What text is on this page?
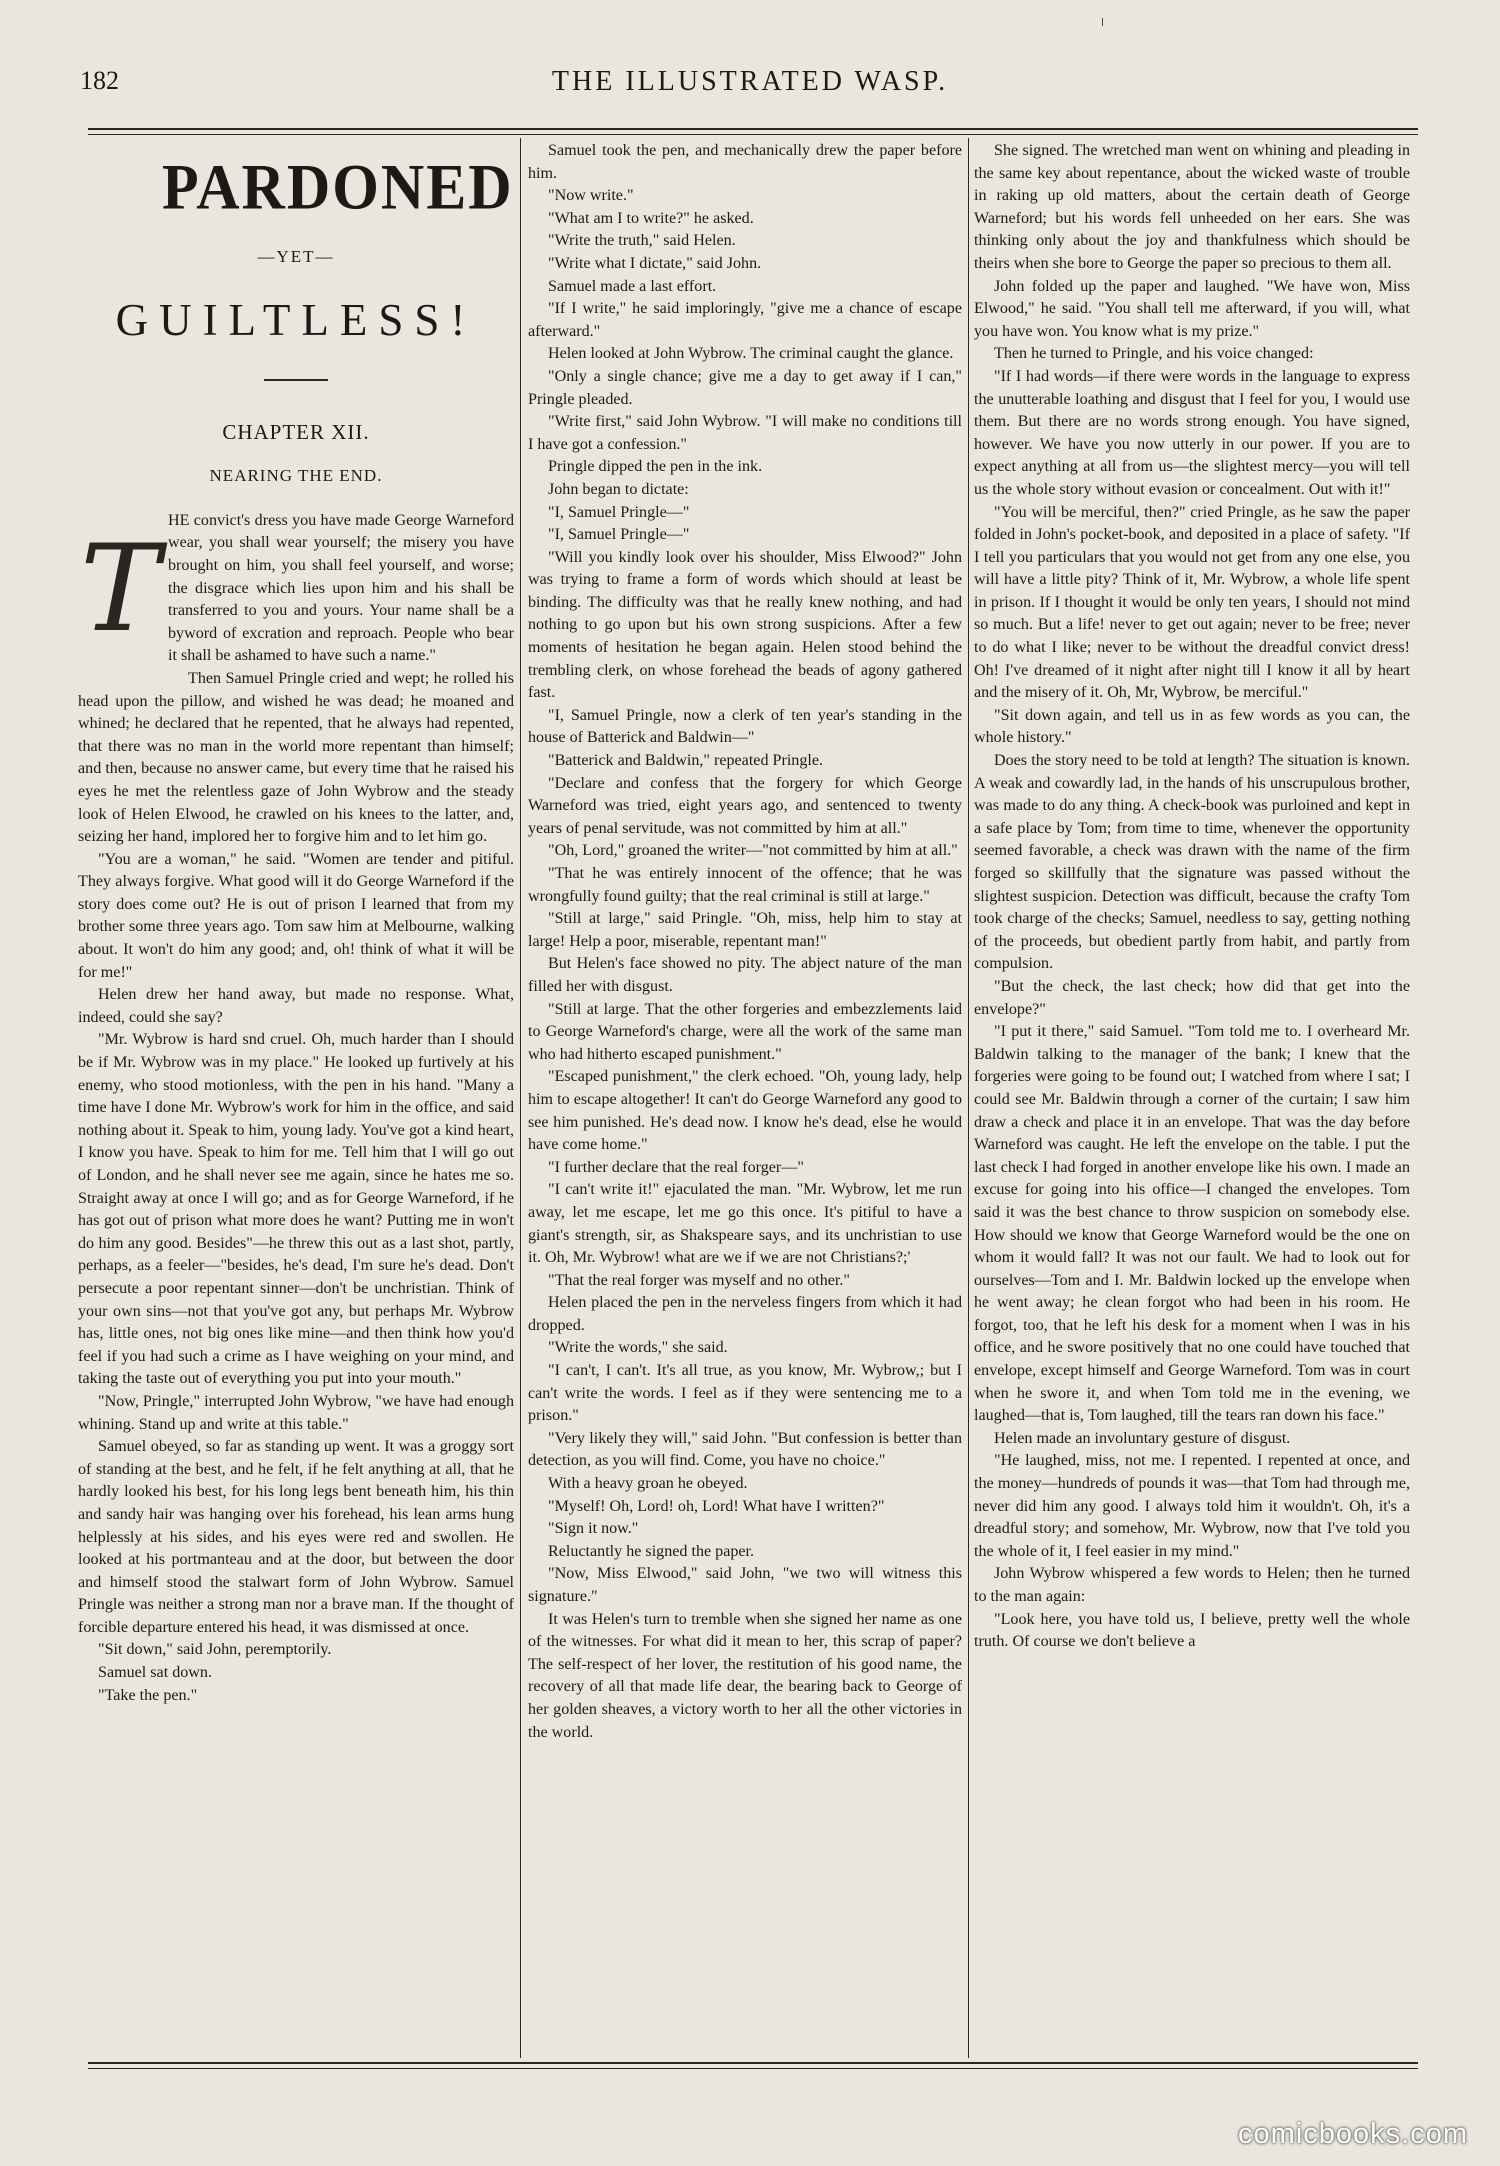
182	THE ILLUSTRATED WASP.
PARDONED
—YET—
GUILTLESS!
CHAPTER XII.
NEARING THE END.
T HE convict's dress you have made George Warneford wear, you shall wear yourself; the misery you have brought on him, you shall feel yourself, and worse; the disgrace which lies upon him and his shall be transferred to you and yours. Your name shall be a byword of excration and reproach. People who bear it shall be ashamed to have such a name."

Then Samuel Pringle cried and wept; he rolled his head upon the pillow, and wished he was dead; he moaned and whined; he declared that he repented, that he always had repented, that there was no man in the world more repentant than himself; and then, because no answer came, but every time that he raised his eyes he met the relentless gaze of John Wybrow and the steady look of Helen Elwood, he crawled on his knees to the latter, and, seizing her hand, implored her to forgive him and to let him go.

"You are a woman," he said. "Women are tender and pitiful. They always forgive. What good will it do George Warneford if the story does come out? He is out of prison I learned that from my brother some three years ago. Tom saw him at Melbourne, walking about. It won't do him any good; and, oh! think of what it will be for me!"

Helen drew her hand away, but made no response. What, indeed, could she say?

"Mr. Wybrow is hard snd cruel. Oh, much harder than I should be if Mr. Wybrow was in my place." He looked up furtively at his enemy, who stood motionless, with the pen in his hand. "Many a time have I done Mr. Wybrow's work for him in the office, and said nothing about it. Speak to him, young lady. You've got a kind heart, I know you have. Speak to him for me. Tell him that I will go out of London, and he shall never see me again, since he hates me so. Straight away at once I will go; and as for George Warneford, if he has got out of prison what more does he want? Putting me in won't do him any good. Besides"—he threw this out as a last shot, partly, perhaps, as a feeler—"besides, he's dead, I'm sure he's dead. Don't persecute a poor repentant sinner—don't be unchristian. Think of your own sins—not that you've got any, but perhaps Mr. Wybrow has, little ones, not big ones like mine—and then think how you'd feel if you had such a crime as I have weighing on your mind, and taking the taste out of everything you put into your mouth."

"Now, Pringle," interrupted John Wybrow, "we have had enough whining. Stand up and write at this table."

Samuel obeyed, so far as standing up went. It was a groggy sort of standing at the best, and he felt, if he felt anything at all, that he hardly looked his best, for his long legs bent beneath him, his thin and sandy hair was hanging over his forehead, his lean arms hung helplessly at his sides, and his eyes were red and swollen. He looked at his portmanteau and at the door, but between the door and himself stood the stalwart form of John Wybrow. Samuel Pringle was neither a strong man nor a brave man. If the thought of forcible departure entered his head, it was dismissed at once.

"Sit down," said John, peremptorily.

Samuel sat down.

"Take the pen."

Samuel took the pen, and mechanically drew the paper before him.

"Now write."

"What am I to write?" he asked.

"Write the truth," said Helen.

"Write what I dictate," said John.

Samuel made a last effort.

"If I write," he said imploringly, "give me a chance of escape afterward."

Helen looked at John Wybrow. The criminal caught the glance.

"Only a single chance; give me a day to get away if I can," Pringle pleaded.

"Write first," said John Wybrow. "I will make no conditions till I have got a confession."

Pringle dipped the pen in the ink.

John began to dictate:

"I, Samuel Pringle—"

"I, Samuel Pringle—"

"Will you kindly look over his shoulder, Miss Elwood?" John was trying to frame a form of words which should at least be binding. The difficulty was that he really knew nothing, and had nothing to go upon but his own strong suspicions. After a few moments of hesitation he began again. Helen stood behind the trembling clerk, on whose forehead the beads of agony gathered fast.

"I, Samuel Pringle, now a clerk of ten year's standing in the house of Batterick and Baldwin—"

"Batterick and Baldwin," repeated Pringle.

"Declare and confess that the forgery for which George Warneford was tried, eight years ago, and sentenced to twenty years of penal servitude, was not committed by him at all."

"Oh, Lord," groaned the writer—"not committed by him at all."

"That he was entirely innocent of the offence; that he was wrongfully found guilty; that the real criminal is still at large."

"Still at large," said Pringle. "Oh, miss, help him to stay at large! Help a poor, miserable, repentant man!"

But Helen's face showed no pity. The abject nature of the man filled her with disgust.

"Still at large. That the other forgeries and embezzlements laid to George Warneford's charge, were all the work of the same man who had hitherto escaped punishment."

"Escaped punishment," the clerk echoed. "Oh, young lady, help him to escape altogether! It can't do George Warneford any good to see him punished. He's dead now. I know he's dead, else he would have come home."

"I further declare that the real forger—"

"I can't write it!" ejaculated the man. "Mr. Wybrow, let me run away, let me escape, let me go this once. It's pitiful to have a giant's strength, sir, as Shakspeare says, and its unchristian to use it. Oh, Mr. Wybrow! what are we if we are not Christians?;'

"That the real forger was myself and no other."

Helen placed the pen in the nerveless fingers from which it had dropped.

"Write the words," she said.

"I can't, I can't. It's all true, as you know, Mr. Wybrow,; but I can't write the words. I feel as if they were sentencing me to a prison."

"Very likely they will," said John. "But confession is better than detection, as you will find. Come, you have no choice."

With a heavy groan he obeyed.

"Myself! Oh, Lord! oh, Lord! What have I written?"

"Sign it now."

Reluctantly he signed the paper.

"Now, Miss Elwood," said John, "we two will witness this signature."

It was Helen's turn to tremble when she signed her name as one of the witnesses. For what did it mean to her, this scrap of paper? The self-respect of her lover, the restitution of his good name, the recovery of all that made life dear, the bearing back to George of her golden sheaves, a victory worth to her all the other victories in the world.

She signed. The wretched man went on whining and pleading in the same key about repentance, about the wicked waste of trouble in raking up old matters, about the certain death of George Warneford; but his words fell unheeded on her ears. She was thinking only about the joy and thankfulness which should be theirs when she bore to George the paper so precious to them all.

John folded up the paper and laughed. "We have won, Miss Elwood," he said. "You shall tell me afterward, if you will, what you have won. You know what is my prize."

Then he turned to Pringle, and his voice changed:

"If I had words—if there were words in the language to express the unutterable loathing and disgust that I feel for you, I would use them. But there are no words strong enough. You have signed, however. We have you now utterly in our power. If you are to expect anything at all from us—the slightest mercy—you will tell us the whole story without evasion or concealment. Out with it!"

"You will be merciful, then?" cried Pringle, as he saw the paper folded in John's pocket-book, and deposited in a place of safety. "If I tell you particulars that you would not get from any one else, you will have a little pity? Think of it, Mr. Wybrow, a whole life spent in prison. If I thought it would be only ten years, I should not mind so much. But a life! never to get out again; never to be free; never to do what I like; never to be without the dreadful convict dress! Oh! I've dreamed of it night after night till I know it all by heart and the misery of it. Oh, Mr, Wybrow, be merciful."

"Sit down again, and tell us in as few words as you can, the whole history."

Does the story need to be told at length? The situation is known. A weak and cowardly lad, in the hands of his unscrupulous brother, was made to do any thing. A check-book was purloined and kept in a safe place by Tom; from time to time, whenever the opportunity seemed favorable, a check was drawn with the name of the firm forged so skillfully that the signature was passed without the slightest suspicion. Detection was difficult, because the crafty Tom took charge of the checks; Samuel, needless to say, getting nothing of the proceeds, but obedient partly from habit, and partly from compulsion.

"But the check, the last check; how did that get into the envelope?"

"I put it there," said Samuel. "Tom told me to. I overheard Mr. Baldwin talking to the manager of the bank; I knew that the forgeries were going to be found out; I watched from where I sat; I could see Mr. Baldwin through a corner of the curtain; I saw him draw a check and place it in an envelope. That was the day before Warneford was caught. He left the envelope on the table. I put the last check I had forged in another envelope like his own. I made an excuse for going into his office—I changed the envelopes. Tom said it was the best chance to throw suspicion on somebody else. How should we know that George Warneford would be the one on whom it would fall? It was not our fault. We had to look out for ourselves—Tom and I. Mr. Baldwin locked up the envelope when he went away; he clean forgot who had been in his room. He forgot, too, that he left his desk for a moment when I was in his office, and he swore positively that no one could have touched that envelope, except himself and George Warneford. Tom was in court when he swore it, and when Tom told me in the evening, we laughed—that is, Tom laughed, till the tears ran down his face."

Helen made an involuntary gesture of disgust.

"He laughed, miss, not me. I repented. I repented at once, and the money—hundreds of pounds it was—that Tom had through me, never did him any good. I always told him it wouldn't. Oh, it's a dreadful story; and somehow, Mr. Wybrow, now that I've told you the whole of it, I feel easier in my mind."

John Wybrow whispered a few words to Helen; then he turned to the man again:

"Look here, you have told us, I believe, pretty well the whole truth. Of course we don't believe a

comicbooks.com
